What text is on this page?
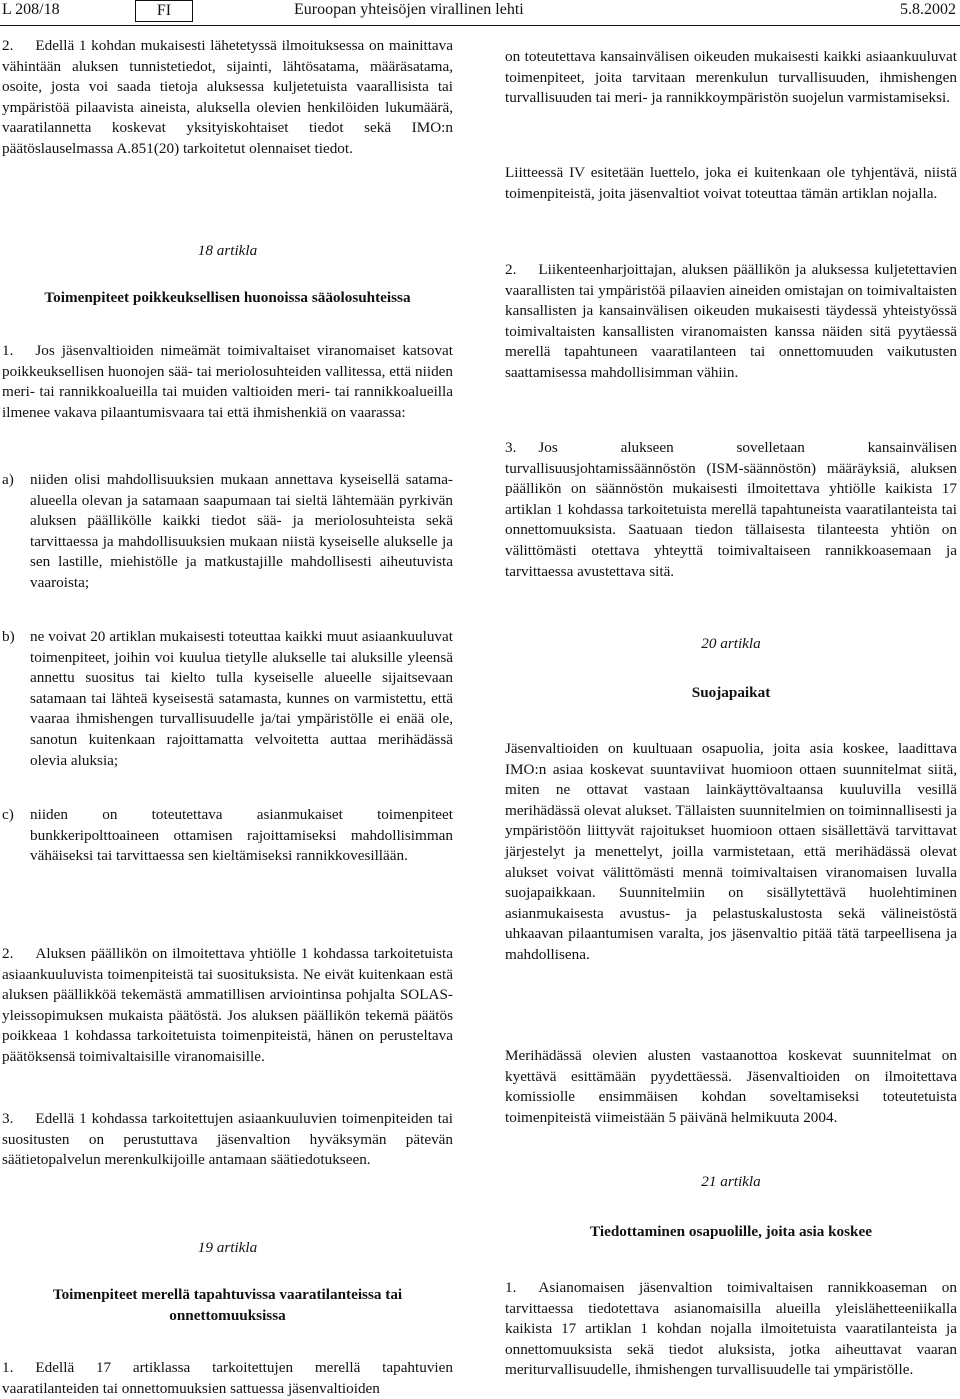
L 208/18	FI	Euroopan yhteisöjen virallinen lehti	5.8.2002

2. Edellä 1 kohdan mukaisesti lähetetyssä ilmoituksessa on mainittava vähintään aluksen tunnistetiedot, sijainti, lähtösatama, määräsatama, osoite, josta voi saada tietoja aluksessa kuljetetuista vaarallisista tai ympäristöä pilaavista aineista, aluksella olevien henkilöiden lukumäärä, vaaratilannetta koskevat yksityiskohtaiset tiedot sekä IMO:n päätöslauselmassa A.851(20) tarkoitetut olennaiset tiedot.

18 artikla
Toimenpiteet poikkeuksellisen huonoissa sääolosuhteissa

1. Jos jäsenvaltioiden nimeämät toimivaltaiset viranomaiset katsovat poikkeuksellisen huonojen sää- tai meriolosuhteiden vallitessa, että niiden meri- tai rannikkoalueilla tai muiden valtioiden meri- tai rannikkoalueilla ilmenee vakava pilaantumisvaara tai että ihmishenkiä on vaarassa:

a)	niiden olisi mahdollisuuksien mukaan annettava kyseisellä satama-alueella olevan ja satamaan saapumaan tai sieltä lähtemään pyrkivän aluksen päällikölle kaikki tiedot sää- ja meriolosuhteista sekä tarvittaessa ja mahdollisuuksien mukaan niistä kyseiselle alukselle ja sen lastille, miehistölle ja matkustajille mahdollisesti aiheutuvista vaaroista;
b)	ne voivat 20 artiklan mukaisesti toteuttaa kaikki muut asiaankuuluvat toimenpiteet, joihin voi kuulua tietylle alukselle tai aluksille yleensä annettu suositus tai kielto tulla kyseiselle alueelle sijaitsevaan satamaan tai lähteä kyseisestä satamasta, kunnes on varmistettu, että vaaraa ihmishengen turvallisuudelle ja/tai ympäristölle ei enää ole, sanotun kuitenkaan rajoittamatta velvoitetta auttaa merihädässä olevia aluksia;
c)	niiden on toteutettava asianmukaiset toimenpiteet bunkkeripolttoaineen ottamisen rajoittamiseksi mahdollisimman vähäiseksi tai tarvittaessa sen kieltämiseksi rannikkovesillään.

2. Aluksen päällikön on ilmoitettava yhtiölle 1 kohdassa tarkoitetuista asiaankuuluvista toimenpiteistä tai suosituksista. Ne eivät kuitenkaan estä aluksen päällikköä tekemästä ammatillisen arviointinsa pohjalta SOLAS-yleissopimuksen mukaista päätöstä. Jos aluksen päällikön tekemä päätös poikkeaa 1 kohdassa tarkoitetuista toimenpiteistä, hänen on perusteltava päätöksensä toimivaltaisille viranomaisille.

3. Edellä 1 kohdassa tarkoitettujen asiaankuuluvien toimenpiteiden tai suositusten on perustuttava jäsenvaltion hyväksymän pätevän säätietopalvelun merenkulkijoille antamaan säätiedotukseen.

19 artikla
Toimenpiteet merellä tapahtuvissa vaaratilanteissa tai onnettomuuksissa

1. Edellä 17 artiklassa tarkoitettujen merellä tapahtuvien vaaratilanteiden tai onnettomuuksien sattuessa jäsenvaltioiden

on toteutettava kansainvälisen oikeuden mukaisesti kaikki asiaankuuluvat toimenpiteet, joita tarvitaan merenkulun turvallisuuden, ihmishengen turvallisuuden tai meri- ja rannikkoympäristön suojelun varmistamiseksi.

Liitteessä IV esitetään luettelo, joka ei kuitenkaan ole tyhjentävä, niistä toimenpiteistä, joita jäsenvaltiot voivat toteuttaa tämän artiklan nojalla.

2. Liikenteenharjoittajan, aluksen päällikön ja aluksessa kuljetettavien vaarallisten tai ympäristöä pilaavien aineiden omistajan on toimivaltaisten kansallisten ja kansainvälisen oikeuden mukaisesti täydessä yhteistyössä toimivaltaisten kansallisten viranomaisten kanssa näiden sitä pyytäessä merellä tapahtuneen vaaratilanteen tai onnettomuuden vaikutusten saattamisessa mahdollisimman vähiin.

3. Jos alukseen sovelletaan kansainvälisen turvallisuusjohtamissäännöstön (ISM-säännöstön) määräyksiä, aluksen päällikön on säännöstön mukaisesti ilmoitettava yhtiölle kaikista 17 artiklan 1 kohdassa tarkoitetuista merellä tapahtuneista vaaratilanteista tai onnettomuuksista. Saatuaan tiedon tällaisesta tilanteesta yhtiön on välittömästi otettava yhteyttä toimivaltaiseen rannikkoasemaan ja tarvittaessa avustettava sitä.

20 artikla
Suojapaikat

Jäsenvaltioiden on kuultuaan osapuolia, joita asia koskee, laadittava IMO:n asiaa koskevat suuntaviivat huomioon ottaen suunnitelmat siitä, miten ne ottavat vastaan lainkäyttövaltaansa kuuluvilla vesillä merihädässä olevat alukset. Tällaisten suunnitelmien on toiminnallisesti ja ympäristöön liittyvät rajoitukset huomioon ottaen sisällettävä tarvittavat järjestelyt ja menettelyt, joilla varmistetaan, että merihädässä olevat alukset voivat välittömästi mennä toimivaltaisen viranomaisen luvalla suojapaikkaan. Suunnitelmiin on sisällytettävä huolehtiminen asianmukaisesta avustus- ja pelastuskalustosta sekä välineistöstä uhkaavan pilaantumisen varalta, jos jäsenvaltio pitää tätä tarpeellisena ja mahdollisena.

Merihädässä olevien alusten vastaanottoa koskevat suunnitelmat on kyettävä esittämään pyydettäessä. Jäsenvaltioiden on ilmoitettava komissiolle ensimmäisen kohdan soveltamiseksi toteutetuista toimenpiteistä viimeistään 5 päivänä helmikuuta 2004.

21 artikla
Tiedottaminen osapuolille, joita asia koskee

1. Asianomaisen jäsenvaltion toimivaltaisen rannikkoaseman on tarvittaessa tiedotettava asianomaisilla alueilla yleislähetteeniikalla kaikista 17 artiklan 1 kohdan nojalla ilmoitetuista vaaratilanteista ja onnettomuuksista sekä tiedot aluksista, jotka aiheuttavat vaaran meriturvallisuudelle, ihmishengen turvallisuudelle tai ympäristölle.
